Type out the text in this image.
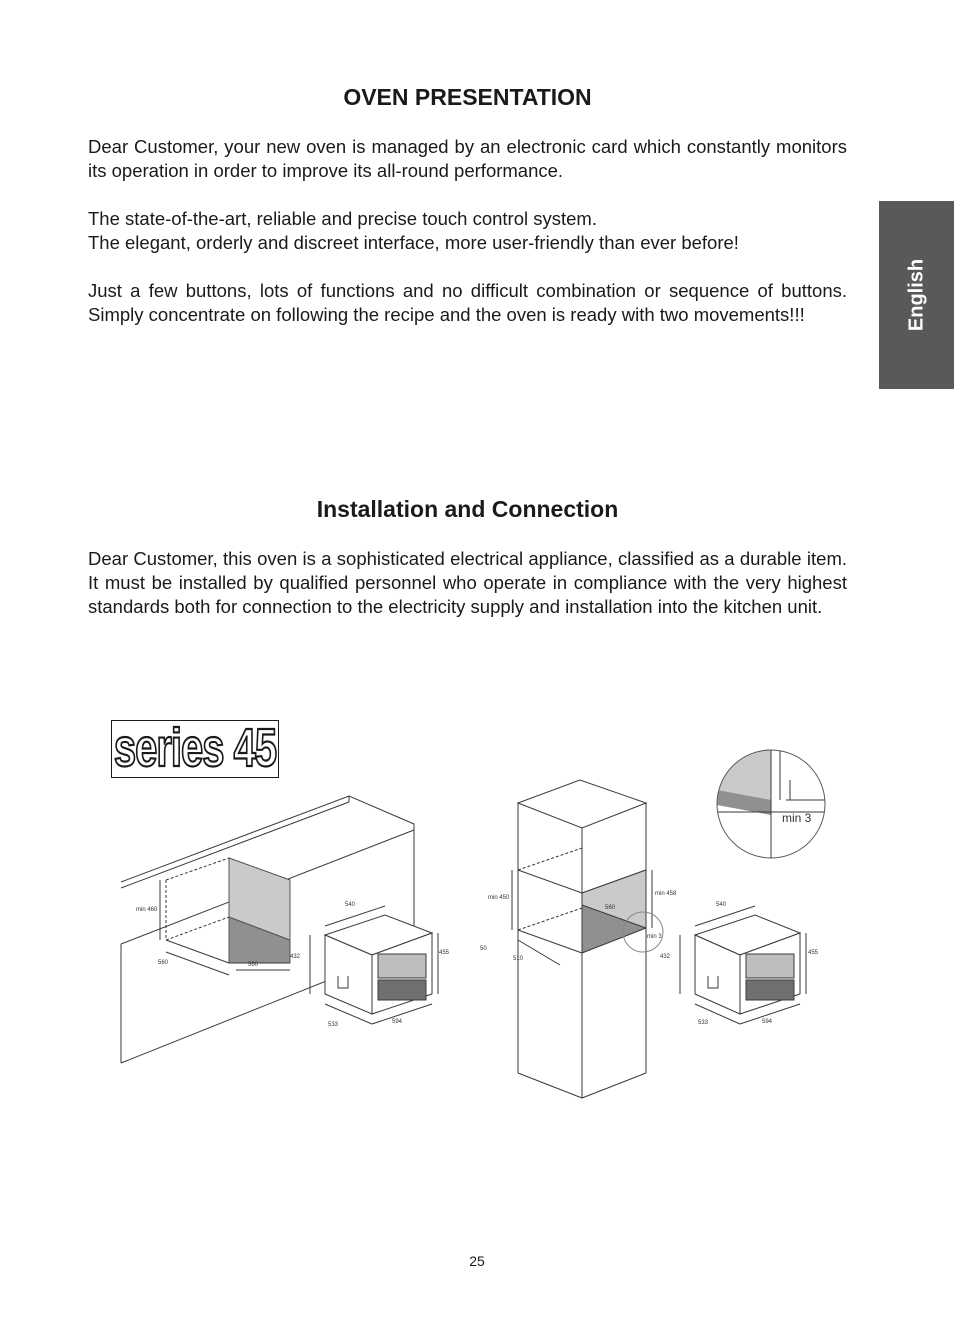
OVEN PRESENTATION

Dear Customer, your new oven is managed by an electronic card which constantly monitors its operation in order to improve its all-round performance.

The state-of-the-art, reliable and precise touch control system.

The elegant, orderly and discreet interface, more user-friendly than ever before!

Just a few buttons, lots of functions and no difficult combination or sequence of buttons. Simply concentrate on following the recipe and the oven is ready with two movements!!!	English
Installation and Connection

Dear Customer, this oven is a sophisticated electrical appliance, classified as a durable item. It must be installed by qualified personnel who operate in compliance with the very highest standards both for connection to the electricity supply and installation into the kitchen unit.

series 45
min 460
560	560
540
432
455
533	594
min 450
min 458
560
510
50
min 3
432
540
455
533	594
min 3
25
